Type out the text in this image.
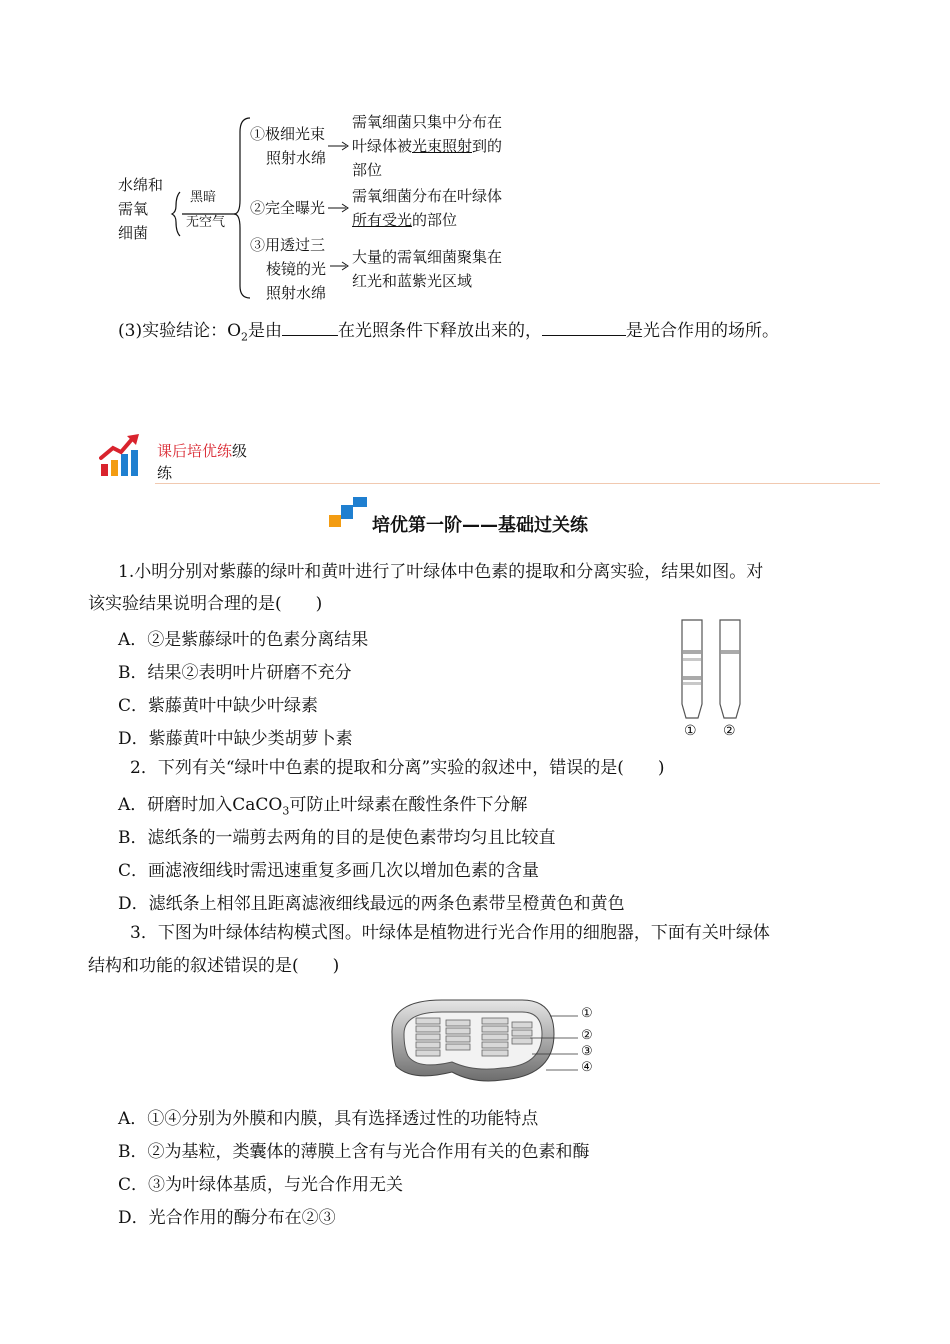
水绵和
需氧
细菌
黑暗
无空气
①极细光束
照射水绵
需氧细菌只集中分布在
叶绿体被光束照射到的
部位
②完全曝光
需氧细菌分布在叶绿体
所有受光的部位
③用透过三
棱镜的光
照射水绵
大量的需氧细菌聚集在
红光和蓝紫光区域
(3)实验结论：$O_2$是由	在光照条件下释放出来的，	是光合作用的场所。
课后培优练级
练
培优第一阶——基础过关练
1.小明分别对紫藤的绿叶和黄叶进行了叶绿体中色素的提取和分离实验，结果如图。对
该实验结果说明合理的是(　　)
A．②是紫藤绿叶的色素分离结果
B．结果②表明叶片研磨不充分
C．紫藤黄叶中缺少叶绿素
D．紫藤黄叶中缺少类胡萝卜素	① ②
2．下列有关“绿叶中色素的提取和分离”实验的叙述中，错误的是(　　)
A．研磨时加入CaCO$_3$可防止叶绿素在酸性条件下分解
B．滤纸条的一端剪去两角的目的是使色素带均匀且比较直
C．画滤液细线时需迅速重复多画几次以增加色素的含量
D．滤纸条上相邻且距离滤液细线最远的两条色素带呈橙黄色和黄色
3．下图为叶绿体结构模式图。叶绿体是植物进行光合作用的细胞器，下面有关叶绿体
结构和功能的叙述错误的是(　　)
①
②
③
④
A．①④分别为外膜和内膜，具有选择透过性的功能特点
B．②为基粒，类囊体的薄膜上含有与光合作用有关的色素和酶
C．③为叶绿体基质，与光合作用无关
D．光合作用的酶分布在②③
